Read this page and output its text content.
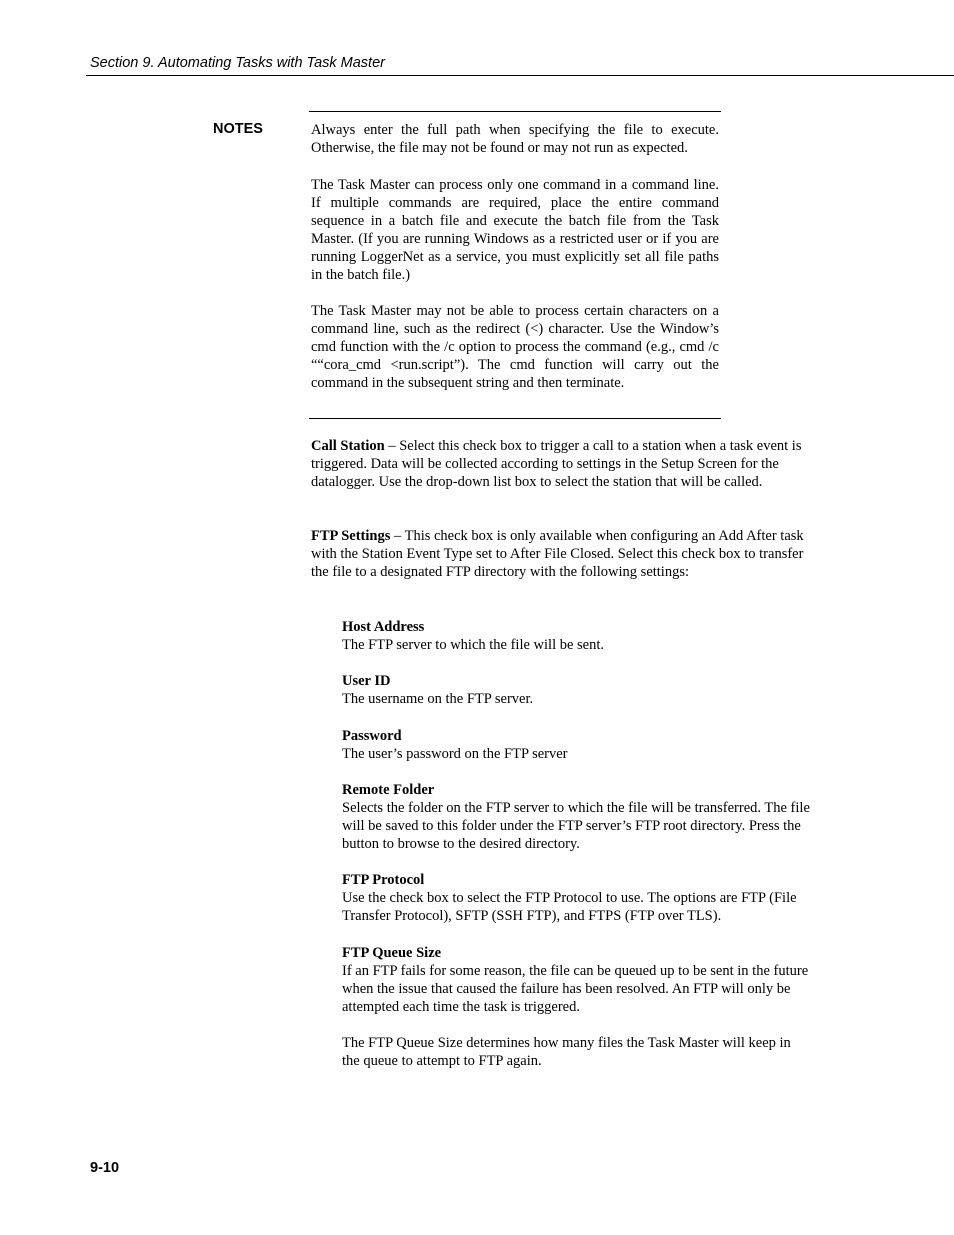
Section 9. Automating Tasks with Task Master
NOTES	Always enter the full path when specifying the file to execute. Otherwise, the file may not be found or may not run as expected.

The Task Master can process only one command in a command line. If multiple commands are required, place the entire command sequence in a batch file and execute the batch file from the Task Master. (If you are running Windows as a restricted user or if you are running LoggerNet as a service, you must explicitly set all file paths in the batch file.)

The Task Master may not be able to process certain characters on a command line, such as the redirect (<) character. Use the Window’s cmd function with the /c option to process the command (e.g., cmd /c ““cora_cmd <run.script”). The cmd function will carry out the command in the subsequent string and then terminate.

Call Station – Select this check box to trigger a call to a station when a task event is triggered. Data will be collected according to settings in the Setup Screen for the datalogger. Use the drop-down list box to select the station that will be called.

FTP Settings – This check box is only available when configuring an Add After task with the Station Event Type set to After File Closed. Select this check box to transfer the file to a designated FTP directory with the following settings:

Host Address
The FTP server to which the file will be sent.
User ID
The username on the FTP server.
Password
The user’s password on the FTP server
Remote Folder
Selects the folder on the FTP server to which the file will be transferred. The file will be saved to this folder under the FTP server’s FTP root directory. Press the button to browse to the desired directory.
FTP Protocol
Use the check box to select the FTP Protocol to use. The options are FTP (File Transfer Protocol), SFTP (SSH FTP), and FTPS (FTP over TLS).
FTP Queue Size
If an FTP fails for some reason, the file can be queued up to be sent in the future when the issue that caused the failure has been resolved. An FTP will only be attempted each time the task is triggered.

The FTP Queue Size determines how many files the Task Master will keep in the queue to attempt to FTP again.

9-10
